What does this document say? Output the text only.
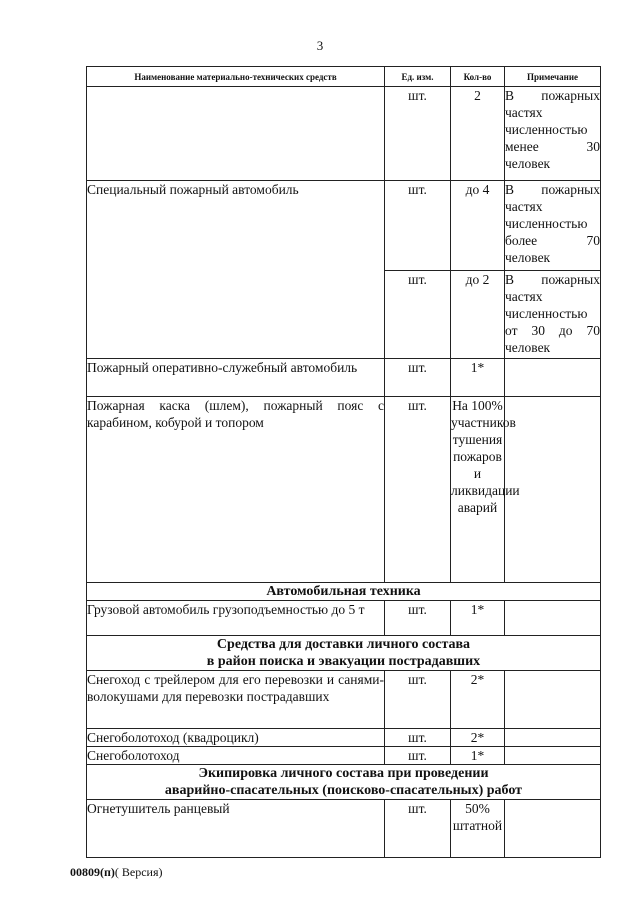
3
Наименование материально-технических средств	Ед. изм.	Кол-во	Примечание
	шт.	2	В пожарных частях численностью менее 30 человек
Специальный пожарный автомобиль	шт.	до 4	В пожарных частях численностью более 70 человек
	шт.	до 2	В пожарных частях численностью от 30 до 70 человек
Пожарный оперативно-служебный автомобиль	шт.	1*	
Пожарная каска (шлем), пожарный пояс с карабином, кобурой и топором	шт.	На 100% участников тушения пожаров и ликвидации аварий	
Автомобильная техника			
Грузовой автомобиль грузоподъемностью до 5 т	шт.	1*	

Средства для доставки личного состава
в район поиска и эвакуации пострадавших			

Снегоход с трейлером для его перевозки и санями-волокушами для перевозки пострадавших	шт.	2*	
Снегоболотоход (квадроцикл)	шт.	2*	
Снегоболотоход	шт.	1*	

Экипировка личного состава при проведении
аварийно-спасательных (поисково-спасательных) работ			

Огнетушитель ранцевый	шт.	50% штатной	
00809(п)( Версия)
